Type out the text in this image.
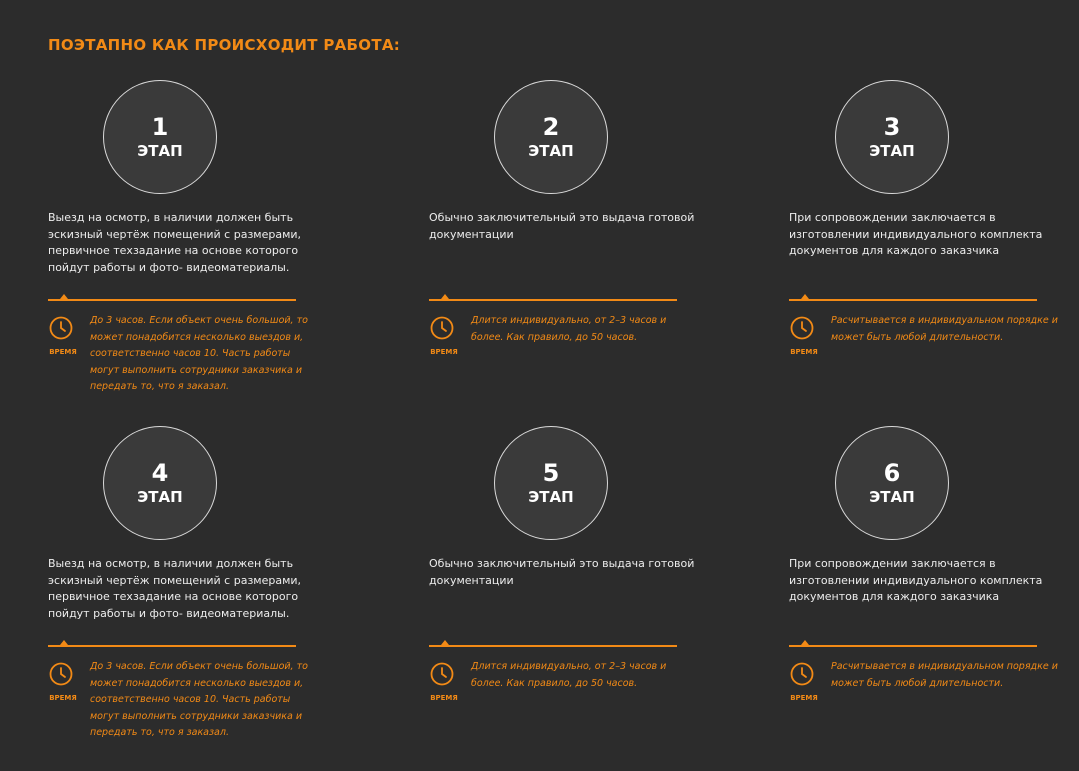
ПОЭТАПНО КАК ПРОИСХОДИТ РАБОТА:
1
ЭТАП

Выезд на осмотр, в наличии должен быть эскизный чертёж помещений с размерами, первичное техзадание на основе которого пойдут работы и фото- видеоматериалы.

ВРЕМЯ

До 3 часов. Если объект очень большой, то может понадобится несколько выездов и, соответственно часов 10. Часть работы могут выполнить сотрудники заказчика и передать то, что я заказал.

2
ЭТАП

Обычно заключительный это выдача готовой документации

ВРЕМЯ

Длится индивидуально, от 2–3 часов и более. Как правило, до 50 часов.

3
ЭТАП

При сопровождении заключается в изготовлении индивидуального комплекта документов для каждого заказчика

ВРЕМЯ

Расчитывается в индивидуальном порядке и может быть любой длительности.

4
ЭТАП

Выезд на осмотр, в наличии должен быть эскизный чертёж помещений с размерами, первичное техзадание на основе которого пойдут работы и фото- видеоматериалы.

ВРЕМЯ

До 3 часов. Если объект очень большой, то может понадобится несколько выездов и, соответственно часов 10. Часть работы могут выполнить сотрудники заказчика и передать то, что я заказал.

5
ЭТАП

Обычно заключительный это выдача готовой документации

ВРЕМЯ

Длится индивидуально, от 2–3 часов и более. Как правило, до 50 часов.

6
ЭТАП

При сопровождении заключается в изготовлении индивидуального комплекта документов для каждого заказчика

ВРЕМЯ

Расчитывается в индивидуальном порядке и может быть любой длительности.
